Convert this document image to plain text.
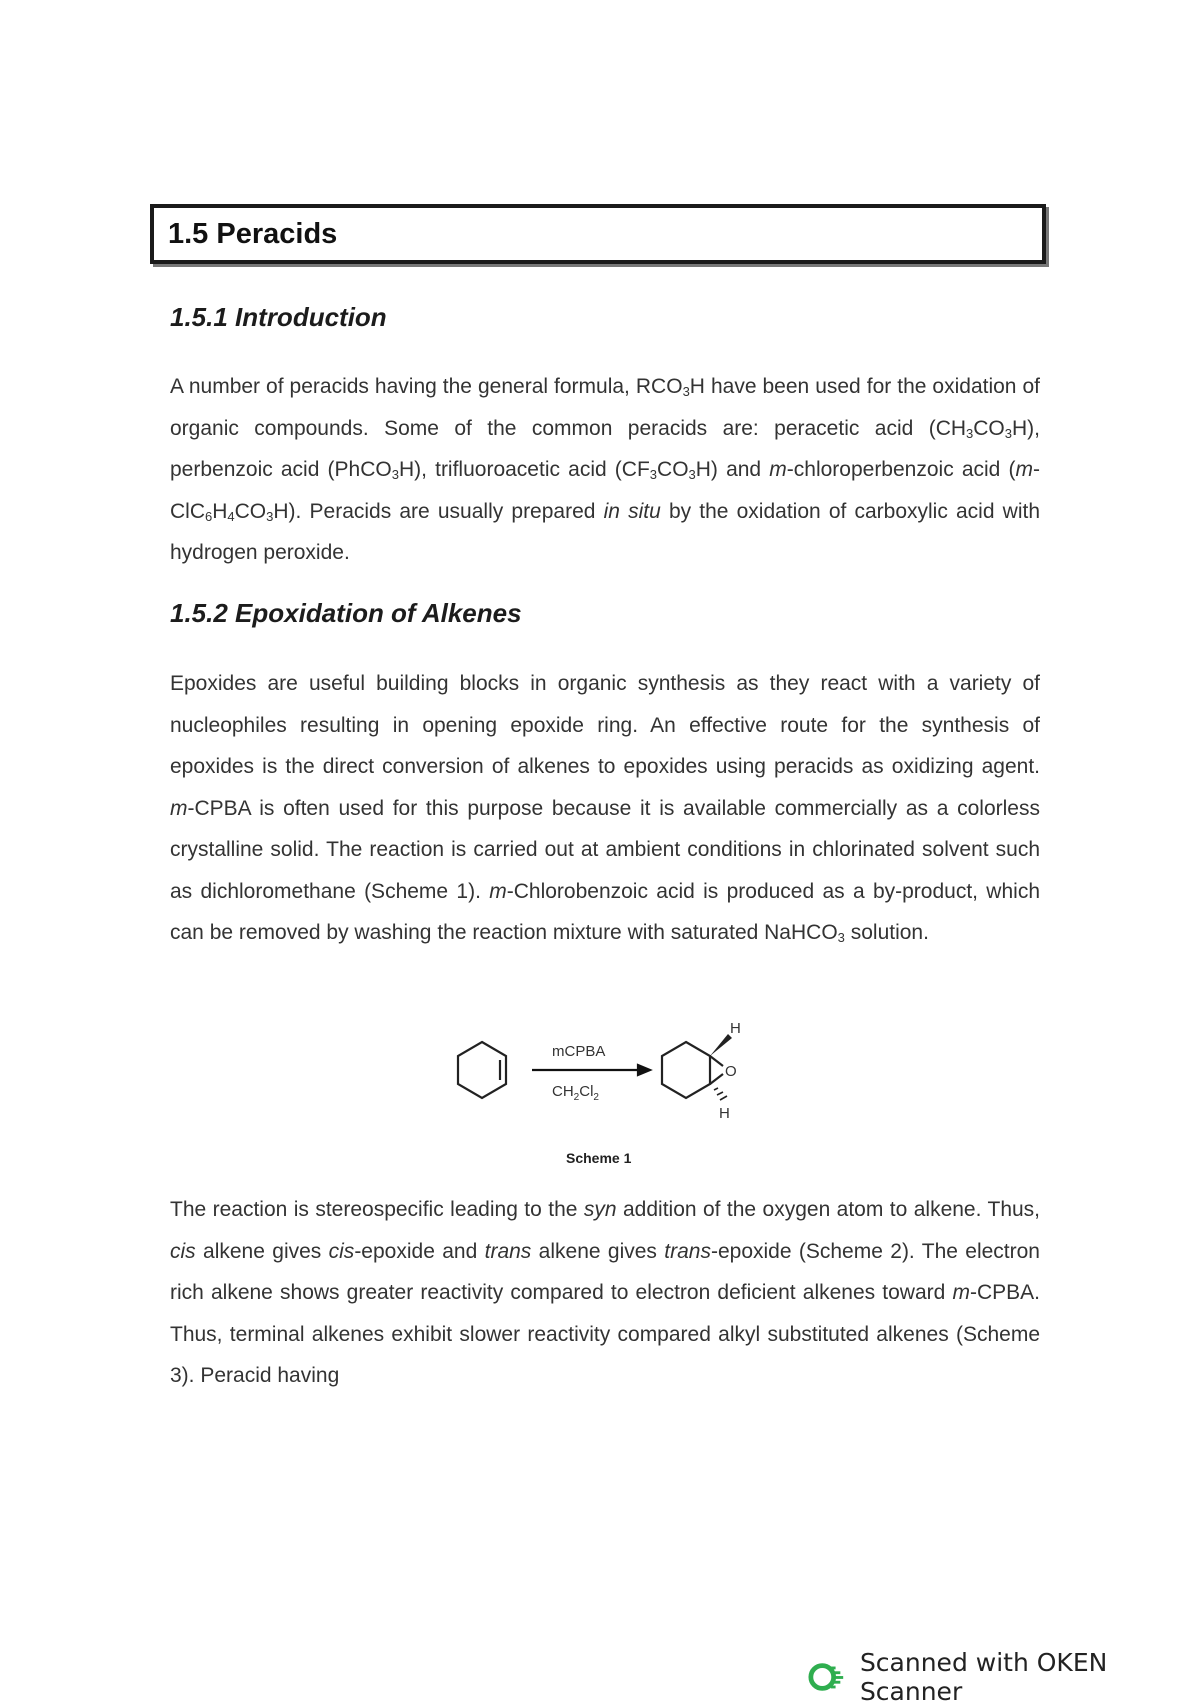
1.5 Peracids
1.5.1 Introduction
A number of peracids having the general formula, $RCO_3H$ have been used for the oxidation of organic compounds. Some of the common peracids are: peracetic acid $(CH_3CO_3H)$, perbenzoic acid (PhCO$_3$H), trifluoroacetic acid $(CF_3CO_3H)$ and m-chloroperbenzoic acid $(m-ClC_6H_4CO_3H)$. Peracids are usually prepared in situ by the oxidation of carboxylic acid with hydrogen peroxide.
1.5.2 Epoxidation of Alkenes
Epoxides are useful building blocks in organic synthesis as they react with a variety of nucleophiles resulting in opening epoxide ring. An effective route for the synthesis of epoxides is the direct conversion of alkenes to epoxides using peracids as oxidizing agent. m-CPBA is often used for this purpose because it is available commercially as a colorless crystalline solid. The reaction is carried out at ambient conditions in chlorinated solvent such as dichloromethane (Scheme 1). m-Chlorobenzoic acid is produced as a by-product, which can be removed by washing the reaction mixture with saturated NaHCO$_3$ solution.
mCPBA
$CH_2Cl_2$
H
O
H
Scheme 1
The reaction is stereospecific leading to the syn addition of the oxygen atom to alkene. Thus, cis alkene gives cis-epoxide and trans alkene gives trans-epoxide (Scheme 2). The electron rich alkene shows greater reactivity compared to electron deficient alkenes toward m-CPBA. Thus, terminal alkenes exhibit slower reactivity compared alkyl substituted alkenes (Scheme 3). Peracid having
Scanned with OKEN Scanner
